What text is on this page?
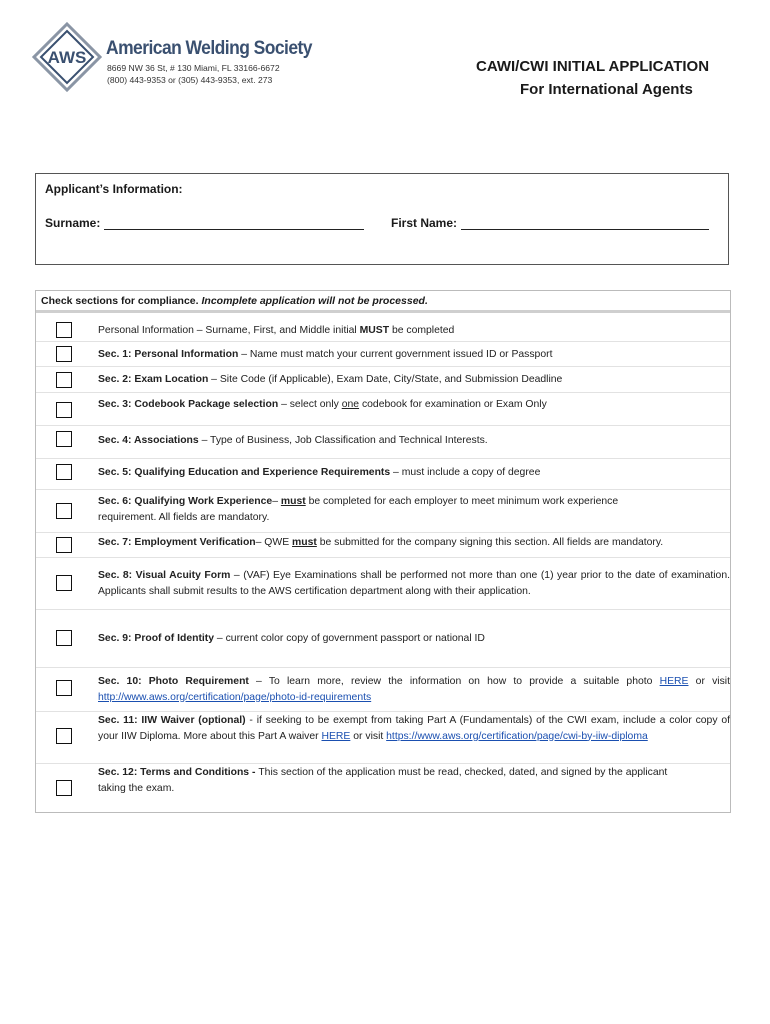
AWS American Welding Society
8669 NW 36 St, # 130 Miami, FL 33166-6672
(800) 443-9353 or (305) 443-9353, ext. 273
CAWI/CWI INITIAL APPLICATION
For International Agents
Applicant’s Information:
Surname:	First Name:
Check sections for compliance. Incomplete application will not be processed.
Personal Information – Surname, First, and Middle initial MUST be completed
Sec. 1: Personal Information – Name must match your current government issued ID or Passport
Sec. 2: Exam Location – Site Code (if Applicable), Exam Date, City/State, and Submission Deadline
Sec. 3: Codebook Package selection – select only one codebook for examination or Exam Only
Sec. 4: Associations – Type of Business, Job Classification and Technical Interests.
Sec. 5: Qualifying Education and Experience Requirements – must include a copy of degree
Sec. 6: Qualifying Work Experience– must be completed for each employer to meet minimum work experience requirement. All fields are mandatory.
Sec. 7: Employment Verification– QWE must be submitted for the company signing this section. All fields are mandatory.
Sec. 8: Visual Acuity Form – (VAF) Eye Examinations shall be performed not more than one (1) year prior to the date of examination. Applicants shall submit results to the AWS certification department along with their application.
Sec. 9: Proof of Identity – current color copy of government passport or national ID
Sec. 10: Photo Requirement – To learn more, review the information on how to provide a suitable photo HERE or visit http://www.aws.org/certification/page/photo-id-requirements
Sec. 11: IIW Waiver (optional) - if seeking to be exempt from taking Part A (Fundamentals) of the CWI exam, include a color copy of your IIW Diploma. More about this Part A waiver HERE or visit https://www.aws.org/certification/page/cwi-by-iiw-diploma
Sec. 12: Terms and Conditions - This section of the application must be read, checked, dated, and signed by the applicant taking the exam.
